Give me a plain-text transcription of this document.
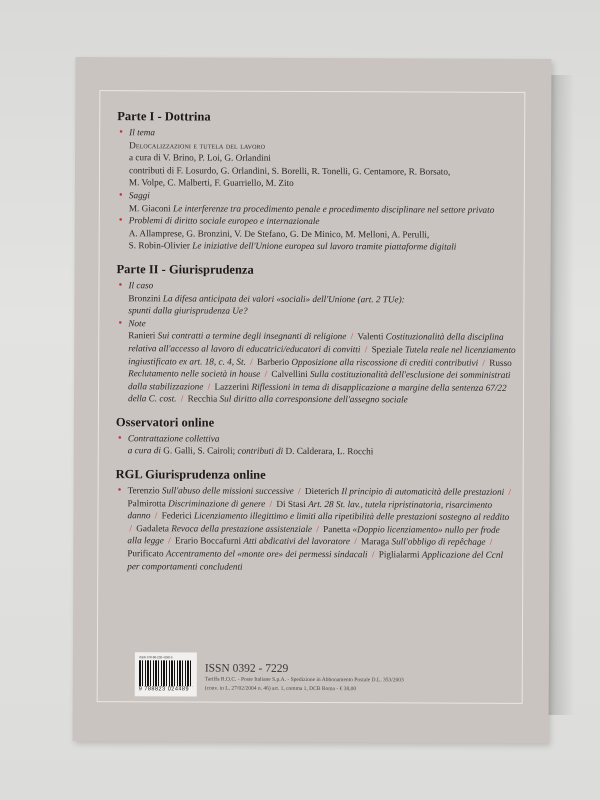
Parte I - Dottrina
• Il tema
Delocalizzazioni e tutela del lavoro
a cura di V. Brino, P. Loi, G. Orlandini
contributi di F. Losurdo, G. Orlandini, S. Borelli, R. Tonelli, G. Centamore, R. Borsato,
M. Volpe, C. Malberti, F. Guarriello, M. Zito
• Saggi
M. Giaconi Le interferenze tra procedimento penale e procedimento disciplinare nel settore privato
• Problemi di diritto sociale europeo e internazionale
A. Allamprese, G. Bronzini, V. De Stefano, G. De Minico, M. Melloni, A. Perulli,
S. Robin-Olivier Le iniziative dell'Unione europea sul lavoro tramite piattaforme digitali
Parte II - Giurisprudenza
• Il caso
Bronzini La difesa anticipata dei valori «sociali» dell'Unione (art. 2 TUe):
spunti dalla giurisprudenza Ue?
• Note
Ranieri Sui contratti a termine degli insegnanti di religione / Valenti Costituzionalità della disciplina relativa all'accesso al lavoro di educatrici/educatori di convitti / Speziale Tutela reale nel licenziamento ingiustificato ex art. 18, c. 4, St. / Barberio Opposizione alla riscossione di crediti contributivi / Russo Reclutamento nelle società in house / Calvellini Sulla costituzionalità dell'esclusione dei somministrati dalla stabilizzazione / Lazzerini Riflessioni in tema di disapplicazione a margine della sentenza 67/22 della C. cost. / Recchia Sul diritto alla corresponsione dell'assegno sociale
Osservatori online
• Contrattazione collettiva
a cura di G. Galli, S. Cairoli; contributi di D. Calderara, L. Rocchi
RGL Giurisprudenza online
• Terenzio Sull'abuso delle missioni successive / Dieterich Il principio di automaticità delle prestazioni / Palmirotta Discriminazione di genere / Di Stasi Art. 28 St. lav., tutela ripristinatoria, risarcimento danno / Federici Licenziamento illegittimo e limiti alla ripetibilità delle prestazioni sostegno al reddito / Gadaleta Revoca della prestazione assistenziale / Panetta «Doppio licenziamento» nullo per frode alla legge / Erario Boccafurni Atti abdicativi del lavoratore / Maraga Sull'obbligo di repêchage / Purificato Accentramento del «monte ore» dei permessi sindacali / Piglialarmi Applicazione del Ccnl per comportamenti concludenti
ISBN 978-88-230-4398-9
9 788823 024489
ISSN 0392 - 7229
Tariffa R.O.C. - Poste Italiane S.p.A. - Spedizione in Abbonamento Postale D.L. 353/2003
(conv. in L. 27/02/2004 n. 46) art. 1, comma 1, DCB Roma - € 38,00
